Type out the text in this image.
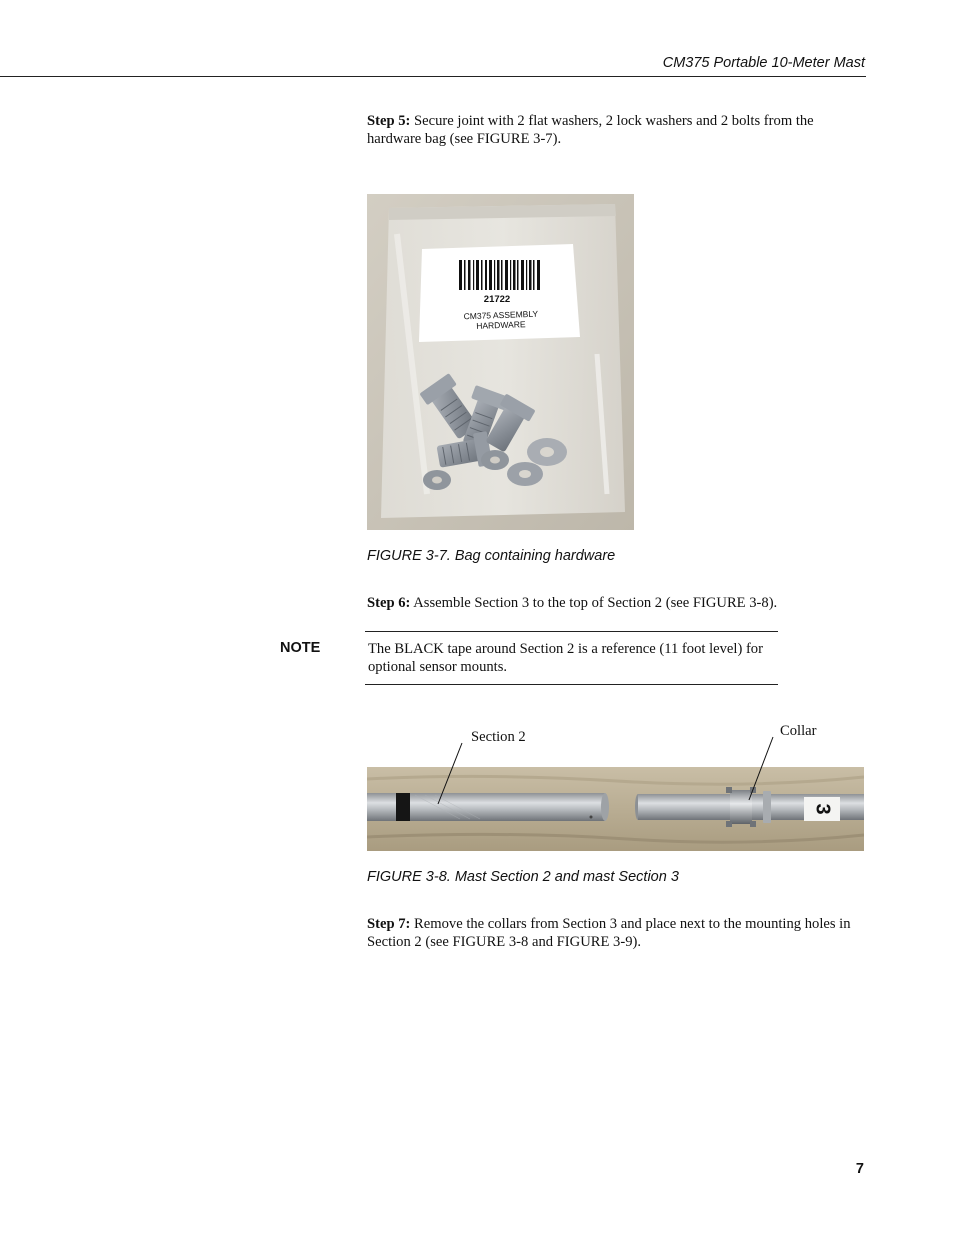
CM375 Portable 10-Meter Mast
Step 5: Secure joint with 2 flat washers, 2 lock washers and 2 bolts from the hardware bag (see FIGURE 3-7).
21722
CM375 ASSEMBLY
HARDWARE
FIGURE 3-7. Bag containing hardware
Step 6: Assemble Section 3 to the top of Section 2 (see FIGURE 3-8).
NOTE	The BLACK tape around Section 2 is a reference (11 foot level) for optional sensor mounts.
Section 2	Collar
3
FIGURE 3-8. Mast Section 2 and mast Section 3
Step 7: Remove the collars from Section 3 and place next to the mounting holes in Section 2 (see FIGURE 3-8 and FIGURE 3-9).
7
